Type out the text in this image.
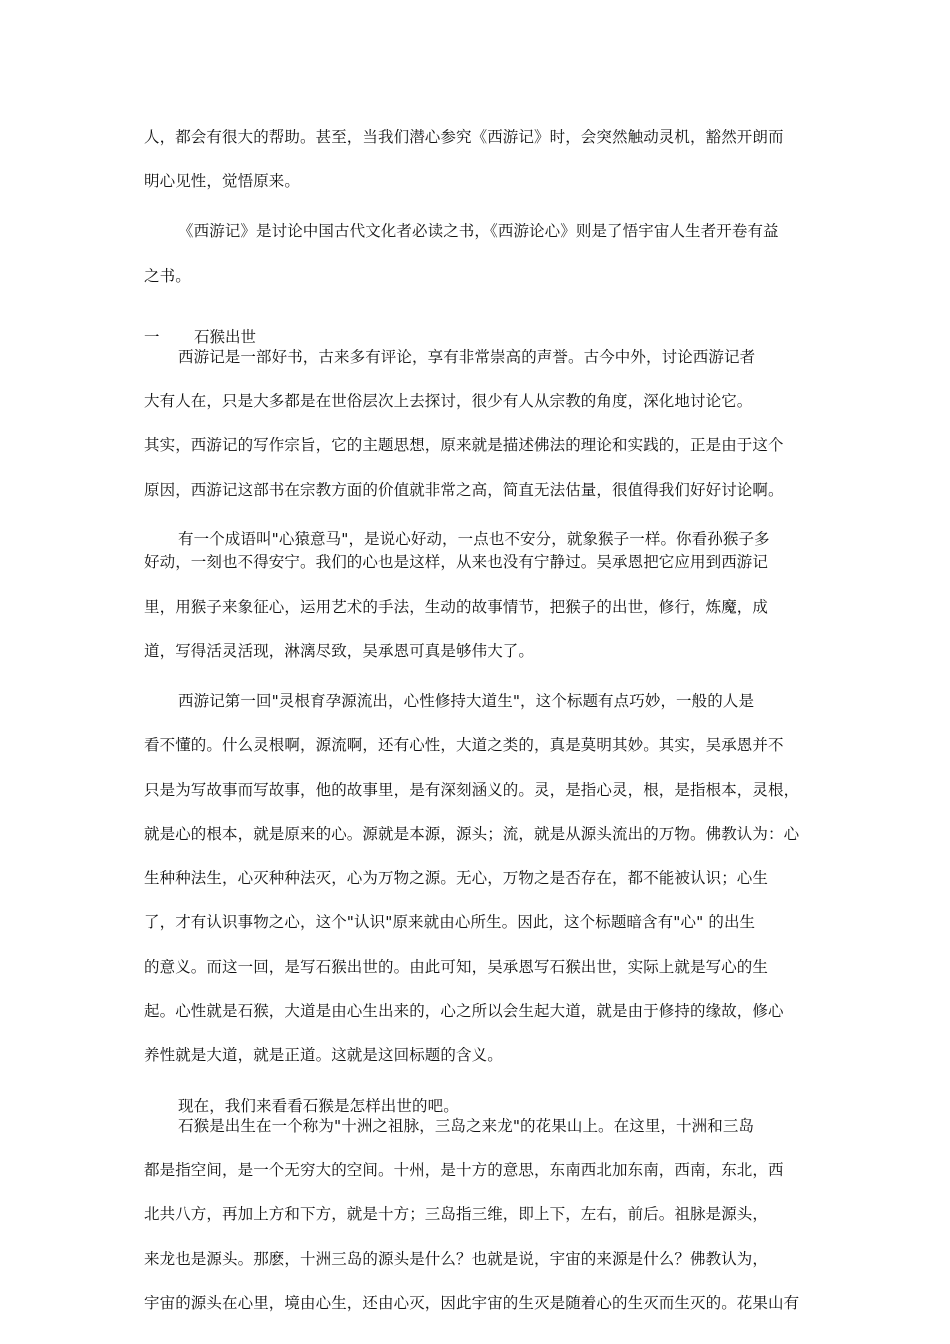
人，都会有很大的帮助。甚至，当我们潜心参究《西游记》时，会突然触动灵机，豁然开朗而
明心见性，觉悟原来。
《西游记》是讨论中国古代文化者必读之书，《西游论心》则是了悟宇宙人生者开卷有益
之书。
一 石猴出世
西游记是一部好书，古来多有评论，享有非常崇高的声誉。古今中外，讨论西游记者
大有人在，只是大多都是在世俗层次上去探讨，很少有人从宗教的角度，深化地讨论它。
其实，西游记的写作宗旨，它的主题思想，原来就是描述佛法的理论和实践的，正是由于这个
原因，西游记这部书在宗教方面的价值就非常之高，简直无法估量，很值得我们好好讨论啊。
有一个成语叫"心猿意马"，是说心好动，一点也不安分，就象猴子一样。你看孙猴子多
好动，一刻也不得安宁。我们的心也是这样，从来也没有宁静过。吴承恩把它应用到西游记
里，用猴子来象征心，运用艺术的手法，生动的故事情节，把猴子的出世，修行，炼魔，成
道，写得活灵活现，淋漓尽致，吴承恩可真是够伟大了。
西游记第一回"灵根育孕源流出，心性修持大道生"，这个标题有点巧妙，一般的人是
看不懂的。什么灵根啊，源流啊，还有心性，大道之类的，真是莫明其妙。其实，吴承恩并不
只是为写故事而写故事，他的故事里，是有深刻涵义的。灵，是指心灵，根，是指根本，灵根，
就是心的根本，就是原来的心。源就是本源，源头；流，就是从源头流出的万物。佛教认为：心
生种种法生，心灭种种法灭，心为万物之源。无心，万物之是否存在，都不能被认识；心生
了，才有认识事物之心，这个"认识"原来就由心所生。因此，这个标题暗含有"心" 的出生
的意义。而这一回，是写石猴出世的。由此可知，吴承恩写石猴出世，实际上就是写心的生
起。心性就是石猴，大道是由心生出来的，心之所以会生起大道，就是由于修持的缘故，修心
养性就是大道，就是正道。这就是这回标题的含义。
现在，我们来看看石猴是怎样出世的吧。
石猴是出生在一个称为"十洲之祖脉，三岛之来龙"的花果山上。在这里，十洲和三岛
都是指空间，是一个无穷大的空间。十州，是十方的意思，东南西北加东南，西南，东北，西
北共八方，再加上方和下方，就是十方；三岛指三维，即上下，左右，前后。祖脉是源头，
来龙也是源头。那麽，十洲三岛的源头是什么？也就是说，宇宙的来源是什么？佛教认为，
宇宙的源头在心里，境由心生，还由心灭，因此宇宙的生灭是随着心的生灭而生灭的。花果山有
